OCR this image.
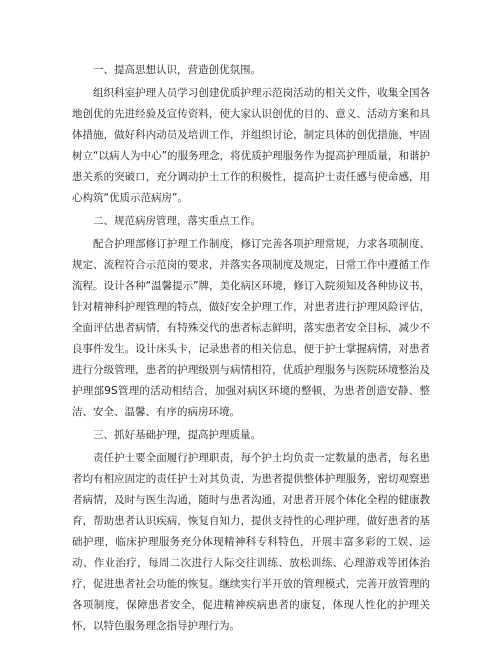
一、提高思想认识，营造创优氛围。

组织科室护理人员学习创建优质护理示范岗活动的相关文件，收集全国各地创优的先进经验及宣传资料，使大家认识创优的目的、意义、活动方案和具体措施，做好科内动员及培训工作，并组织讨论，制定具体的创优措施，牢固树立“以病人为中心”的服务理念，将优质护理服务作为提高护理质量，和谐护患关系的突破口，充分调动护士工作的积极性，提高护士责任感与使命感，用心构筑“优质示范病房”。

二、规范病房管理，落实重点工作。

配合护理部修订护理工作制度，修订完善各项护理常规，力求各项制度、规定、流程符合示范岗的要求，并落实各项制度及规定，日常工作中遵循工作流程。设计各种“温馨提示”牌，美化病区环境，修订入院须知及各种协议书，针对精神科护理管理的特点，做好安全护理工作，对患者进行护理风险评估，全面评估患者病情，有特殊交代的患者标志鲜明，落实患者安全目标，减少不良事件发生。设计床头卡，记录患者的相关信息，便于护士掌握病情，对患者进行分级管理，患者的护理级别与病情相符，优质护理服务与医院环境整治及护理部9S管理的活动相结合，加强对病区环境的整顿，为患者创造安静、整洁、安全、温馨、有序的病房环境。

三、抓好基础护理，提高护理质量。

责任护士要全面履行护理职责，每个护士均负责一定数量的患者，每名患者均有相应固定的责任护士对其负责，为患者提供整体护理服务，密切观察患者病情，及时与医生沟通，随时与患者沟通，对患者开展个体化全程的健康教育，帮助患者认识疾病，恢复自知力，提供支持性的心理护理，做好患者的基础护理，临床护理服务充分体现精神科专科特色，开展丰富多彩的工娱、运动、作业治疗，每周二次进行人际交往训练、放松训练、心理游戏等团体治疗，促进患者社会功能的恢复。继续实行半开放的管理模式，完善开放管理的各项制度，保障患者安全，促进精神疾病患者的康复，体现人性化的护理关怀，以特色服务理念指导护理行为。
